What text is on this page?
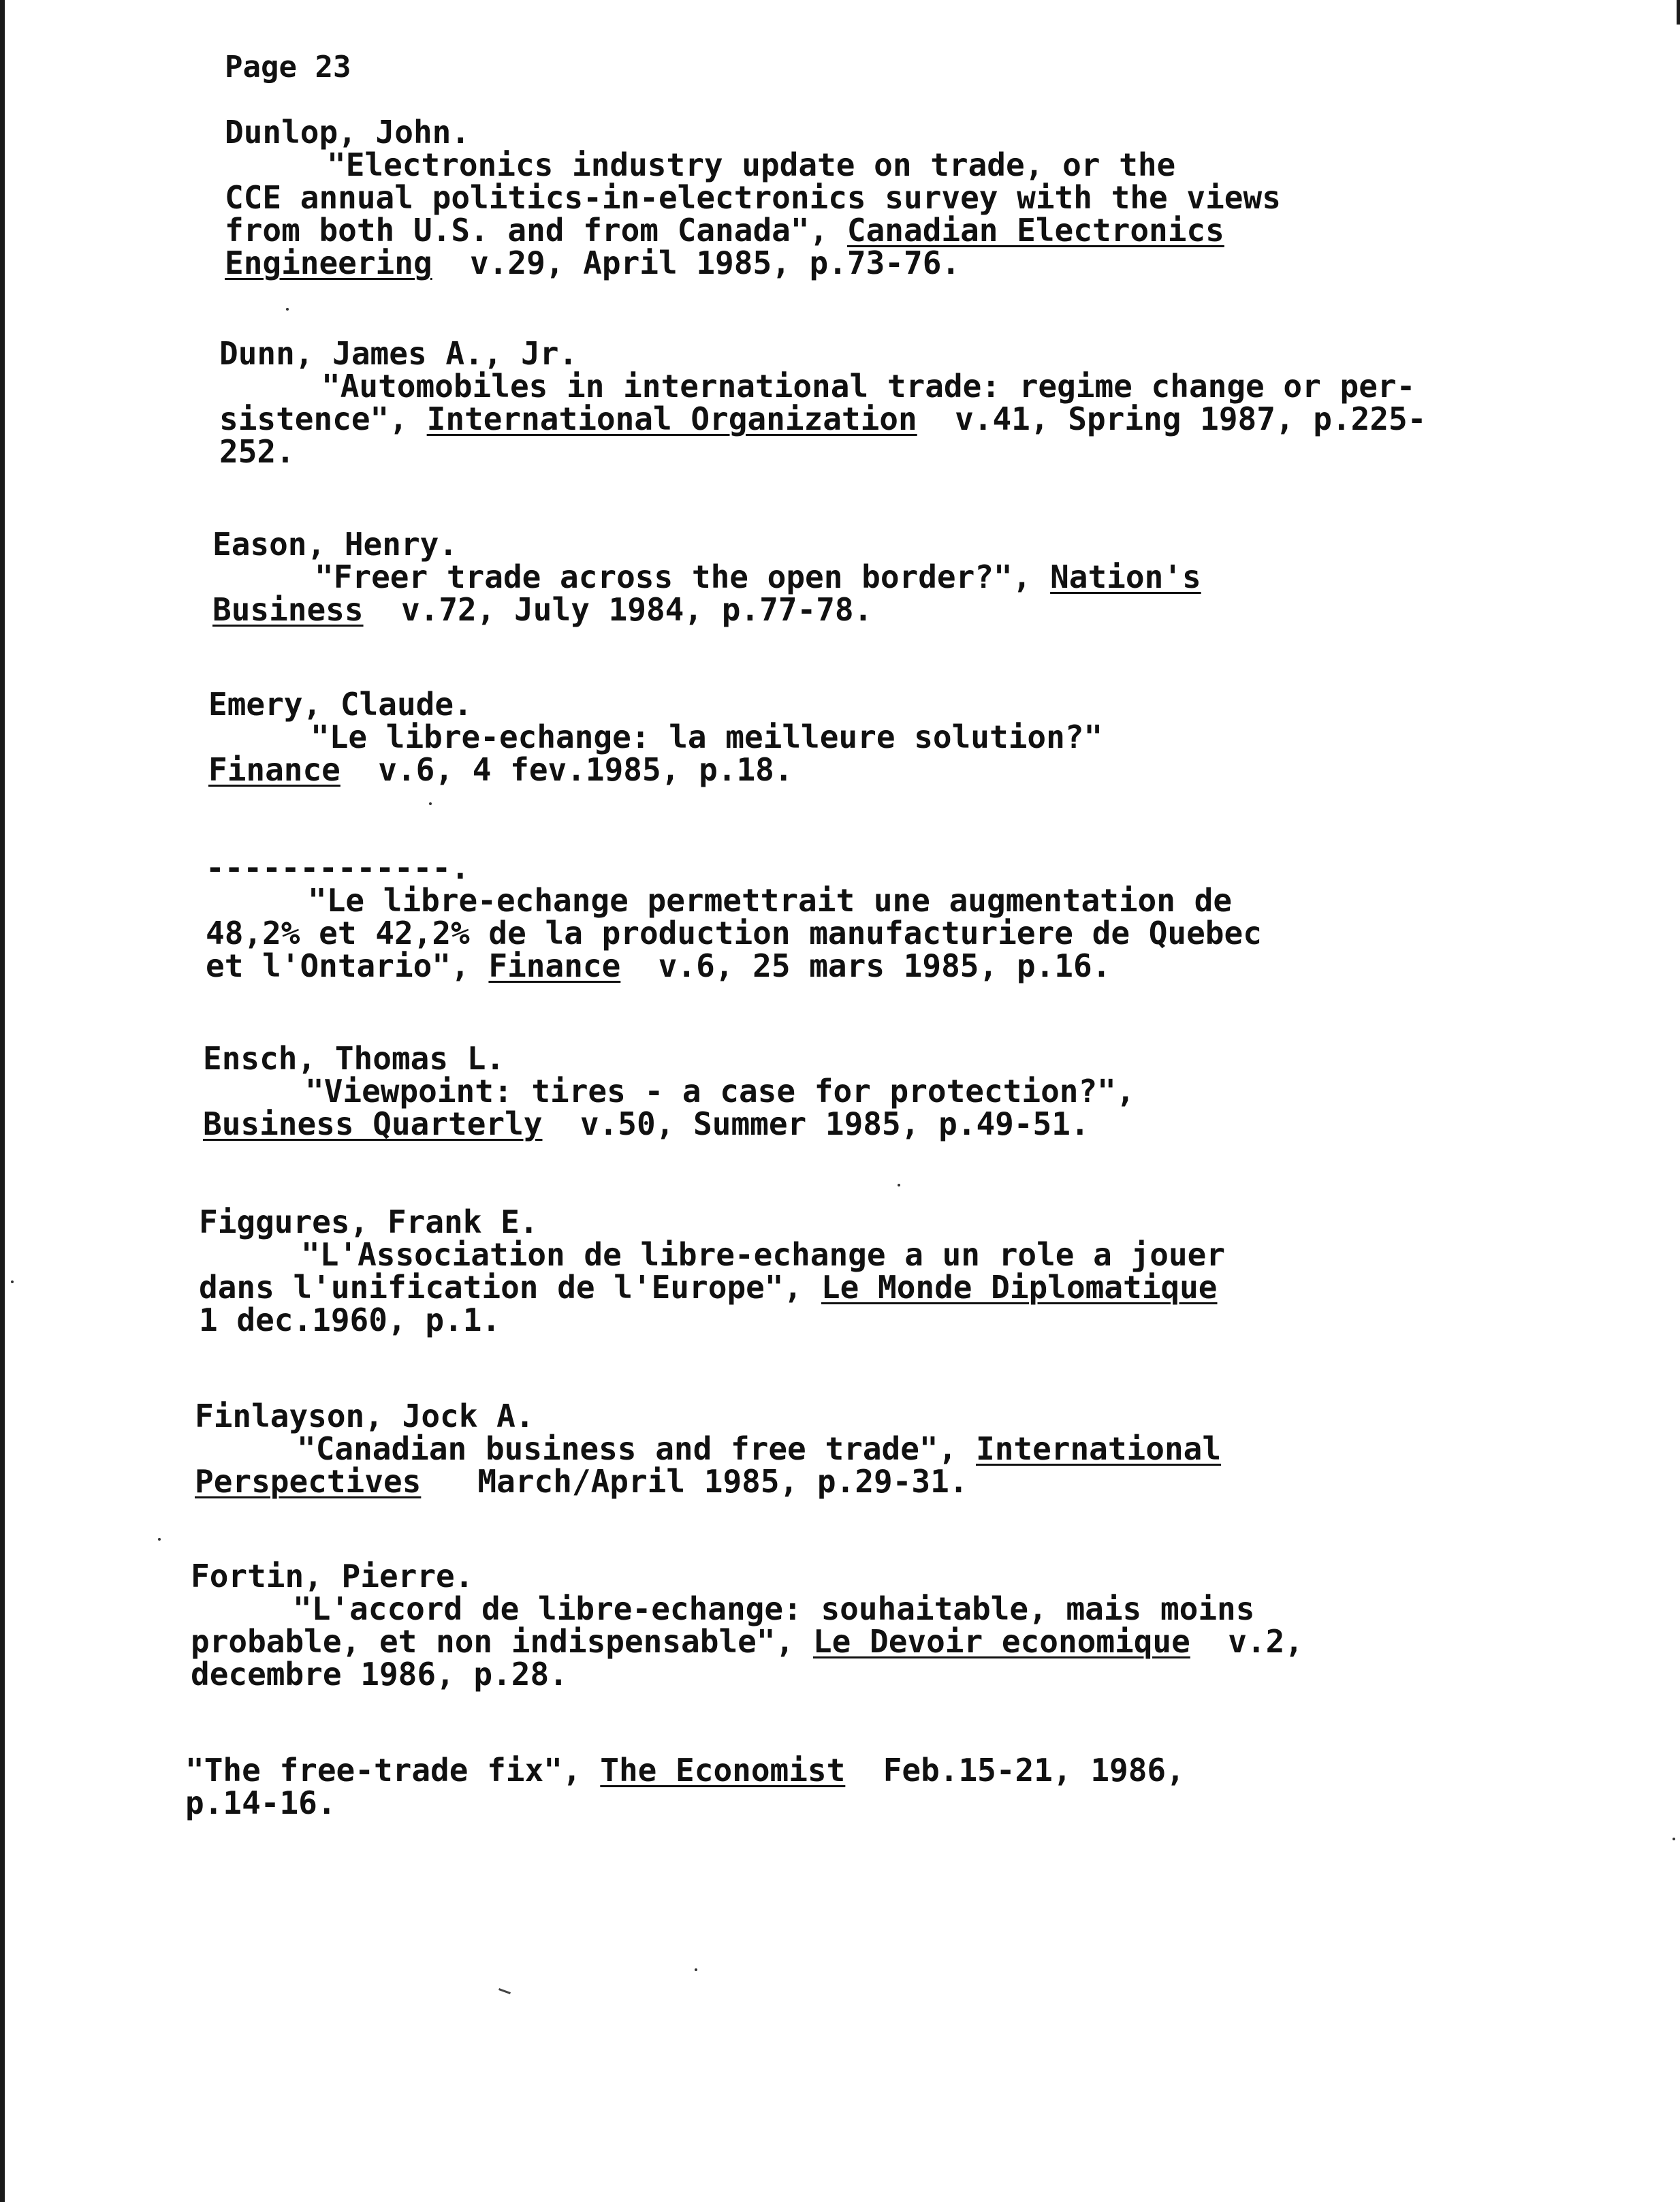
Page 23
Dunlop, John.
"Electronics industry update on trade, or the
CCE annual politics-in-electronics survey with the views
from both U.S. and from Canada", Canadian Electronics
Engineering  v.29, April 1985, p.73-76.
Dunn, James A., Jr.
"Automobiles in international trade: regime change or per-
sistence", International Organization  v.41, Spring 1987, p.225-
252.
Eason, Henry.
"Freer trade across the open border?", Nation's
Business  v.72, July 1984, p.77-78.
Emery, Claude.
"Le libre-echange: la meilleure solution?"
Finance  v.6, 4 fev.1985, p.18.
-------------.
"Le libre-echange permettrait une augmentation de
48,2% et 42,2% de la production manufacturiere de Quebec
et l'Ontario", Finance  v.6, 25 mars 1985, p.16.
Ensch, Thomas L.
"Viewpoint: tires - a case for protection?",
Business Quarterly  v.50, Summer 1985, p.49-51.
Figgures, Frank E.
"L'Association de libre-echange a un role a jouer
dans l'unification de l'Europe", Le Monde Diplomatique
1 dec.1960, p.1.
Finlayson, Jock A.
"Canadian business and free trade", International
Perspectives   March/April 1985, p.29-31.
Fortin, Pierre.
"L'accord de libre-echange: souhaitable, mais moins
probable, et non indispensable", Le Devoir economique  v.2,
decembre 1986, p.28.
"The free-trade fix", The Economist  Feb.15-21, 1986,
p.14-16.
